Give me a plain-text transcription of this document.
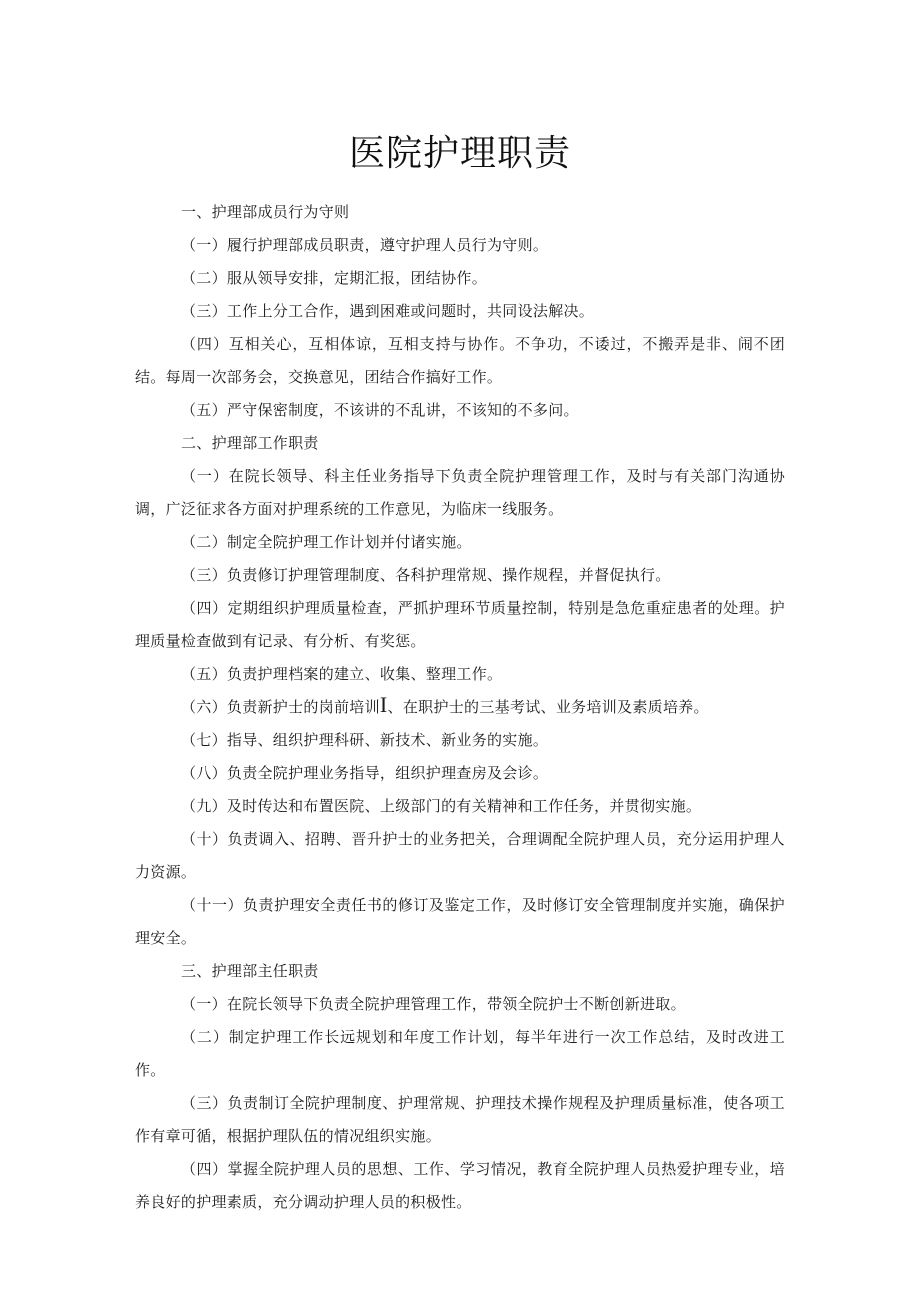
医院护理职责

一、护理部成员行为守则

（一）履行护理部成员职责，遵守护理人员行为守则。

（二）服从领导安排，定期汇报，团结协作。

（三）工作上分工合作，遇到困难或问题时，共同设法解决。

（四）互相关心，互相体谅，互相支持与协作。不争功，不诿过，不搬弄是非、闹不团结。每周一次部务会，交换意见，团结合作搞好工作。

（五）严守保密制度，不该讲的不乱讲，不该知的不多问。

二、护理部工作职责

（一）在院长领导、科主任业务指导下负责全院护理管理工作，及时与有关部门沟通协调，广泛征求各方面对护理系统的工作意见，为临床一线服务。

（二）制定全院护理工作计划并付诸实施。

（三）负责修订护理管理制度、各科护理常规、操作规程，并督促执行。

（四）定期组织护理质量检查，严抓护理环节质量控制，特别是急危重症患者的处理。护理质量检查做到有记录、有分析、有奖惩。

（五）负责护理档案的建立、收集、整理工作。

（六）负责新护士的岗前培训I、在职护士的三基考试、业务培训及素质培养。

（七）指导、组织护理科研、新技术、新业务的实施。

（八）负责全院护理业务指导，组织护理查房及会诊。

（九）及时传达和布置医院、上级部门的有关精神和工作任务，并贯彻实施。

（十）负责调入、招聘、晋升护士的业务把关，合理调配全院护理人员，充分运用护理人力资源。

（十一）负责护理安全责任书的修订及鉴定工作，及时修订安全管理制度并实施，确保护理安全。

三、护理部主任职责

（一）在院长领导下负责全院护理管理工作，带领全院护士不断创新进取。

（二）制定护理工作长远规划和年度工作计划，每半年进行一次工作总结，及时改进工作。

（三）负责制订全院护理制度、护理常规、护理技术操作规程及护理质量标准，使各项工作有章可循，根据护理队伍的情况组织实施。

（四）掌握全院护理人员的思想、工作、学习情况，教育全院护理人员热爱护理专业，培养良好的护理素质，充分调动护理人员的积极性。
